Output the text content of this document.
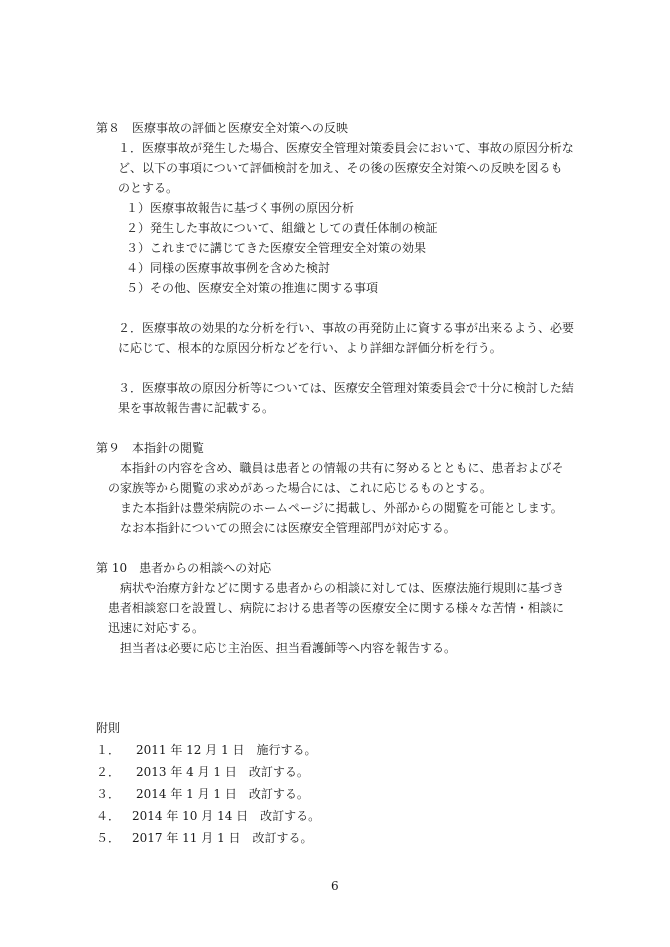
第８　医療事故の評価と医療安全対策への反映
１．医療事故が発生した場合、医療安全管理対策委員会において、事故の原因分析な
ど、以下の事項について評価検討を加え、その後の医療安全対策への反映を図るも
のとする。
１）医療事故報告に基づく事例の原因分析
２）発生した事故について、組織としての責任体制の検証
３）これまでに講じてきた医療安全管理安全対策の効果
４）同様の医療事故事例を含めた検討
５）その他、医療安全対策の推進に関する事項
２．医療事故の効果的な分析を行い、事故の再発防止に資する事が出来るよう、必要
に応じて、根本的な原因分析などを行い、より詳細な評価分析を行う。
３．医療事故の原因分析等については、医療安全管理対策委員会で十分に検討した結
果を事故報告書に記載する。
第９　本指針の閲覧
本指針の内容を含め、職員は患者との情報の共有に努めるとともに、患者およびそ
の家族等から閲覧の求めがあった場合には、これに応じるものとする。
また本指針は豊栄病院のホームページに掲載し、外部からの閲覧を可能とします。
なお本指針についての照会には医療安全管理部門が対応する。
第 10　患者からの相談への対応
病状や治療方針などに関する患者からの相談に対しては、医療法施行規則に基づき
患者相談窓口を設置し、病院における患者等の医療安全に関する様々な苦情・相談に
迅速に対応する。
担当者は必要に応じ主治医、担当看護師等へ内容を報告する。
附則
１． 2011 年 12 月 1 日　施行する。
２． 2013 年 4 月 1 日　改訂する。
３． 2014 年 1 月 1 日　改訂する。
４． 2014 年 10 月 14 日　改訂する。
５． 2017 年 11 月 1 日　改訂する。
6
